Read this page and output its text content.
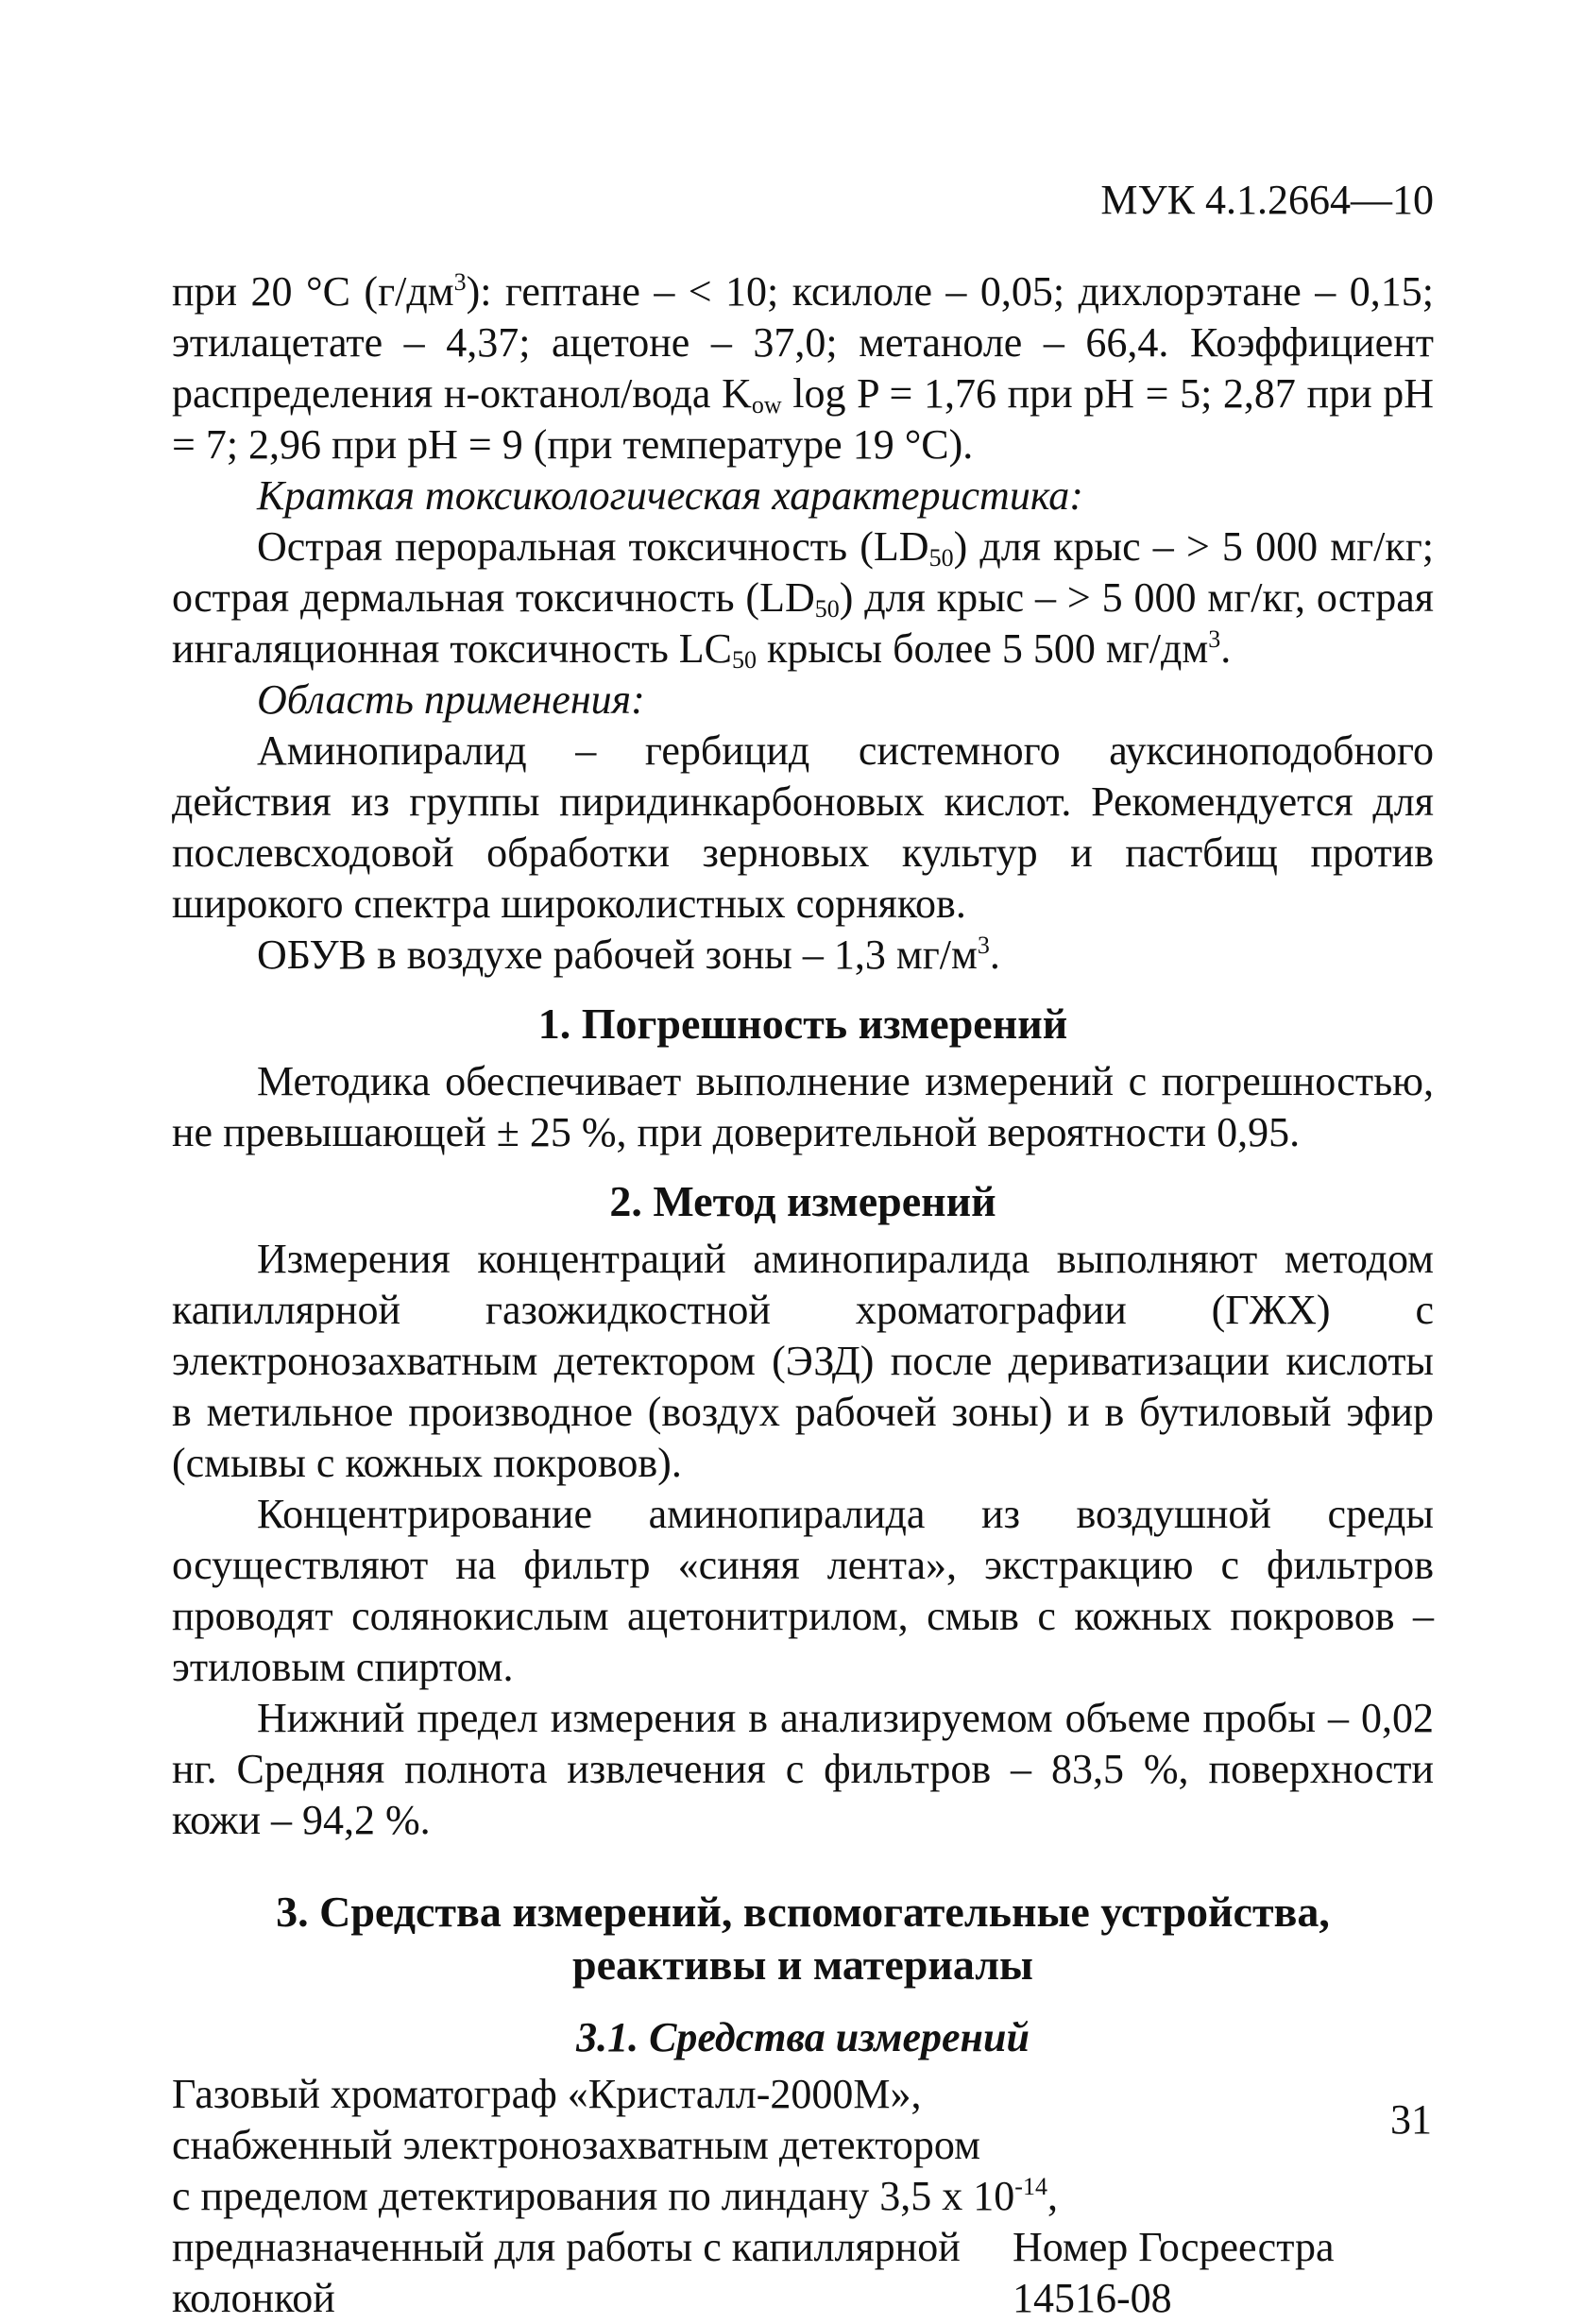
МУК 4.1.2664—10

при 20 °С $(г/дм^3)$: гептане – < 10; ксилоле – 0,05; дихлорэтане – 0,15; этилацетате – 4,37; ацетоне – 37,0; метаноле – 66,4. Коэффициент распределения н-октанол/вода $K_{ow}$ log P = 1,76 при pH = 5; 2,87 при pH = 7; 2,96 при pH = 9 (при температуре 19 °С).

Краткая токсикологическая характеристика:

Острая пероральная токсичность $(LD_{50})$ для крыс – > 5 000 мг/кг; острая дермальная токсичность $(LD_{50})$ для крыс – > 5 000 мг/кг, острая ингаляционная токсичность $LC_{50}$ крысы более 5 500 $мг/дм^3$.

Область применения:

Аминопиралид – гербицид системного ауксиноподобного действия из группы пиридинкарбоновых кислот. Рекомендуется для послевсходовой обработки зерновых культур и пастбищ против широкого спектра широколистных сорняков.

ОБУВ в воздухе рабочей зоны – 1,3 $мг/м^3$.

1. Погрешность измерений

Методика обеспечивает выполнение измерений с погрешностью, не превышающей ± 25 %, при доверительной вероятности 0,95.

2. Метод измерений

Измерения концентраций аминопиралида выполняют методом капиллярной газожидкостной хроматографии (ГЖХ) с электронозахватным детектором (ЭЗД) после дериватизации кислоты в метильное производное (воздух рабочей зоны) и в бутиловый эфир (смывы с кожных покровов).

Концентрирование аминопиралида из воздушной среды осуществляют на фильтр «синяя лента», экстракцию с фильтров проводят солянокислым ацетонитрилом, смыв с кожных покровов – этиловым спиртом.

Нижний предел измерения в анализируемом объеме пробы – 0,02 нг. Средняя полнота извлечения с фильтров – 83,5 %, поверхности кожи – 94,2 %.

3. Средства измерений, вспомогательные устройства,
реактивы и материалы
3.1. Средства измерений
Газовый хроматограф «Кристалл-2000М»,
снабженный электронозахватным детектором
с пределом детектирования по линдану 3,5 х $10^{-14}$,
предназначенный для работы с капиллярной	Номер Госреестра
колонкой	14516-08
31
